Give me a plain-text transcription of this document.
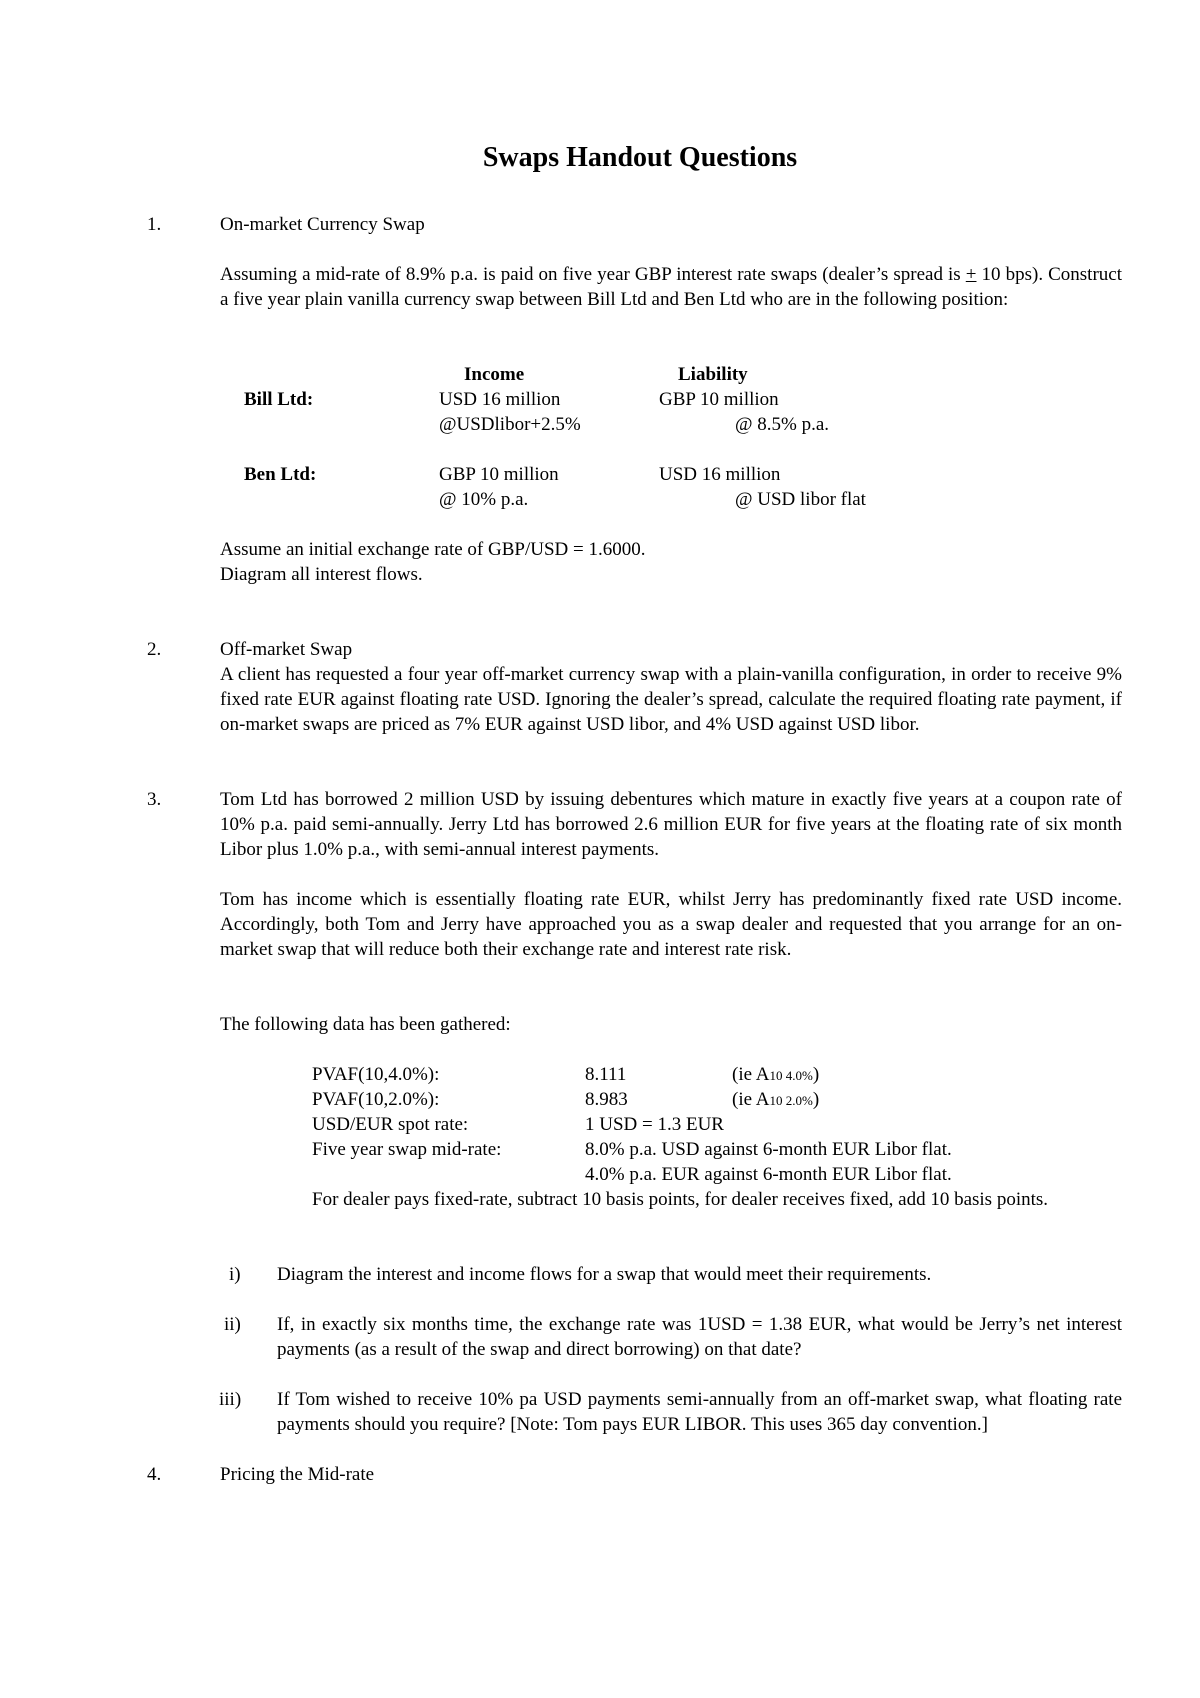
Swaps Handout Questions
1.	On-market Currency Swap
Assuming a mid-rate of 8.9% p.a. is paid on five year GBP interest rate swaps (dealer’s spread is + 10 bps). Construct a five year plain vanilla currency swap between Bill Ltd and Ben Ltd who are in the following position:
Income	Liability
Bill Ltd:	USD 16 million	GBP 10 million
@USDlibor+2.5%	@ 8.5% p.a.
Ben Ltd:	GBP 10 million	USD 16 million
@ 10% p.a.	@ USD libor flat
Assume an initial exchange rate of GBP/USD = 1.6000.
Diagram all interest flows.
2.	Off-market Swap
A client has requested a four year off-market currency swap with a plain-vanilla configuration, in order to receive 9% fixed rate EUR against floating rate USD. Ignoring the dealer’s spread, calculate the required floating rate payment, if on-market swaps are priced as 7% EUR against USD libor, and 4% USD against USD libor.
3.	Tom Ltd has borrowed 2 million USD by issuing debentures which mature in exactly five years at a coupon rate of 10% p.a. paid semi-annually. Jerry Ltd has borrowed 2.6 million EUR for five years at the floating rate of six month Libor plus 1.0% p.a., with semi-annual interest payments.
Tom has income which is essentially floating rate EUR, whilst Jerry has predominantly fixed rate USD income. Accordingly, both Tom and Jerry have approached you as a swap dealer and requested that you arrange for an on-market swap that will reduce both their exchange rate and interest rate risk.
The following data has been gathered:
PVAF(10,4.0%):	8.111	(ie A10 4.0%)
PVAF(10,2.0%):	8.983	(ie A10 2.0%)
USD/EUR spot rate:	1 USD = 1.3 EUR
Five year swap mid-rate:	8.0% p.a. USD against 6-month EUR Libor flat.
4.0% p.a. EUR against 6-month EUR Libor flat.
For dealer pays fixed-rate, subtract 10 basis points, for dealer receives fixed, add 10 basis points.
i) Diagram the interest and income flows for a swap that would meet their requirements.
ii) If, in exactly six months time, the exchange rate was 1USD = 1.38 EUR, what would be Jerry’s net interest payments (as a result of the swap and direct borrowing) on that date?
iii) If Tom wished to receive 10% pa USD payments semi-annually from an off-market swap, what floating rate payments should you require? [Note: Tom pays EUR LIBOR. This uses 365 day convention.]
4.	Pricing the Mid-rate
